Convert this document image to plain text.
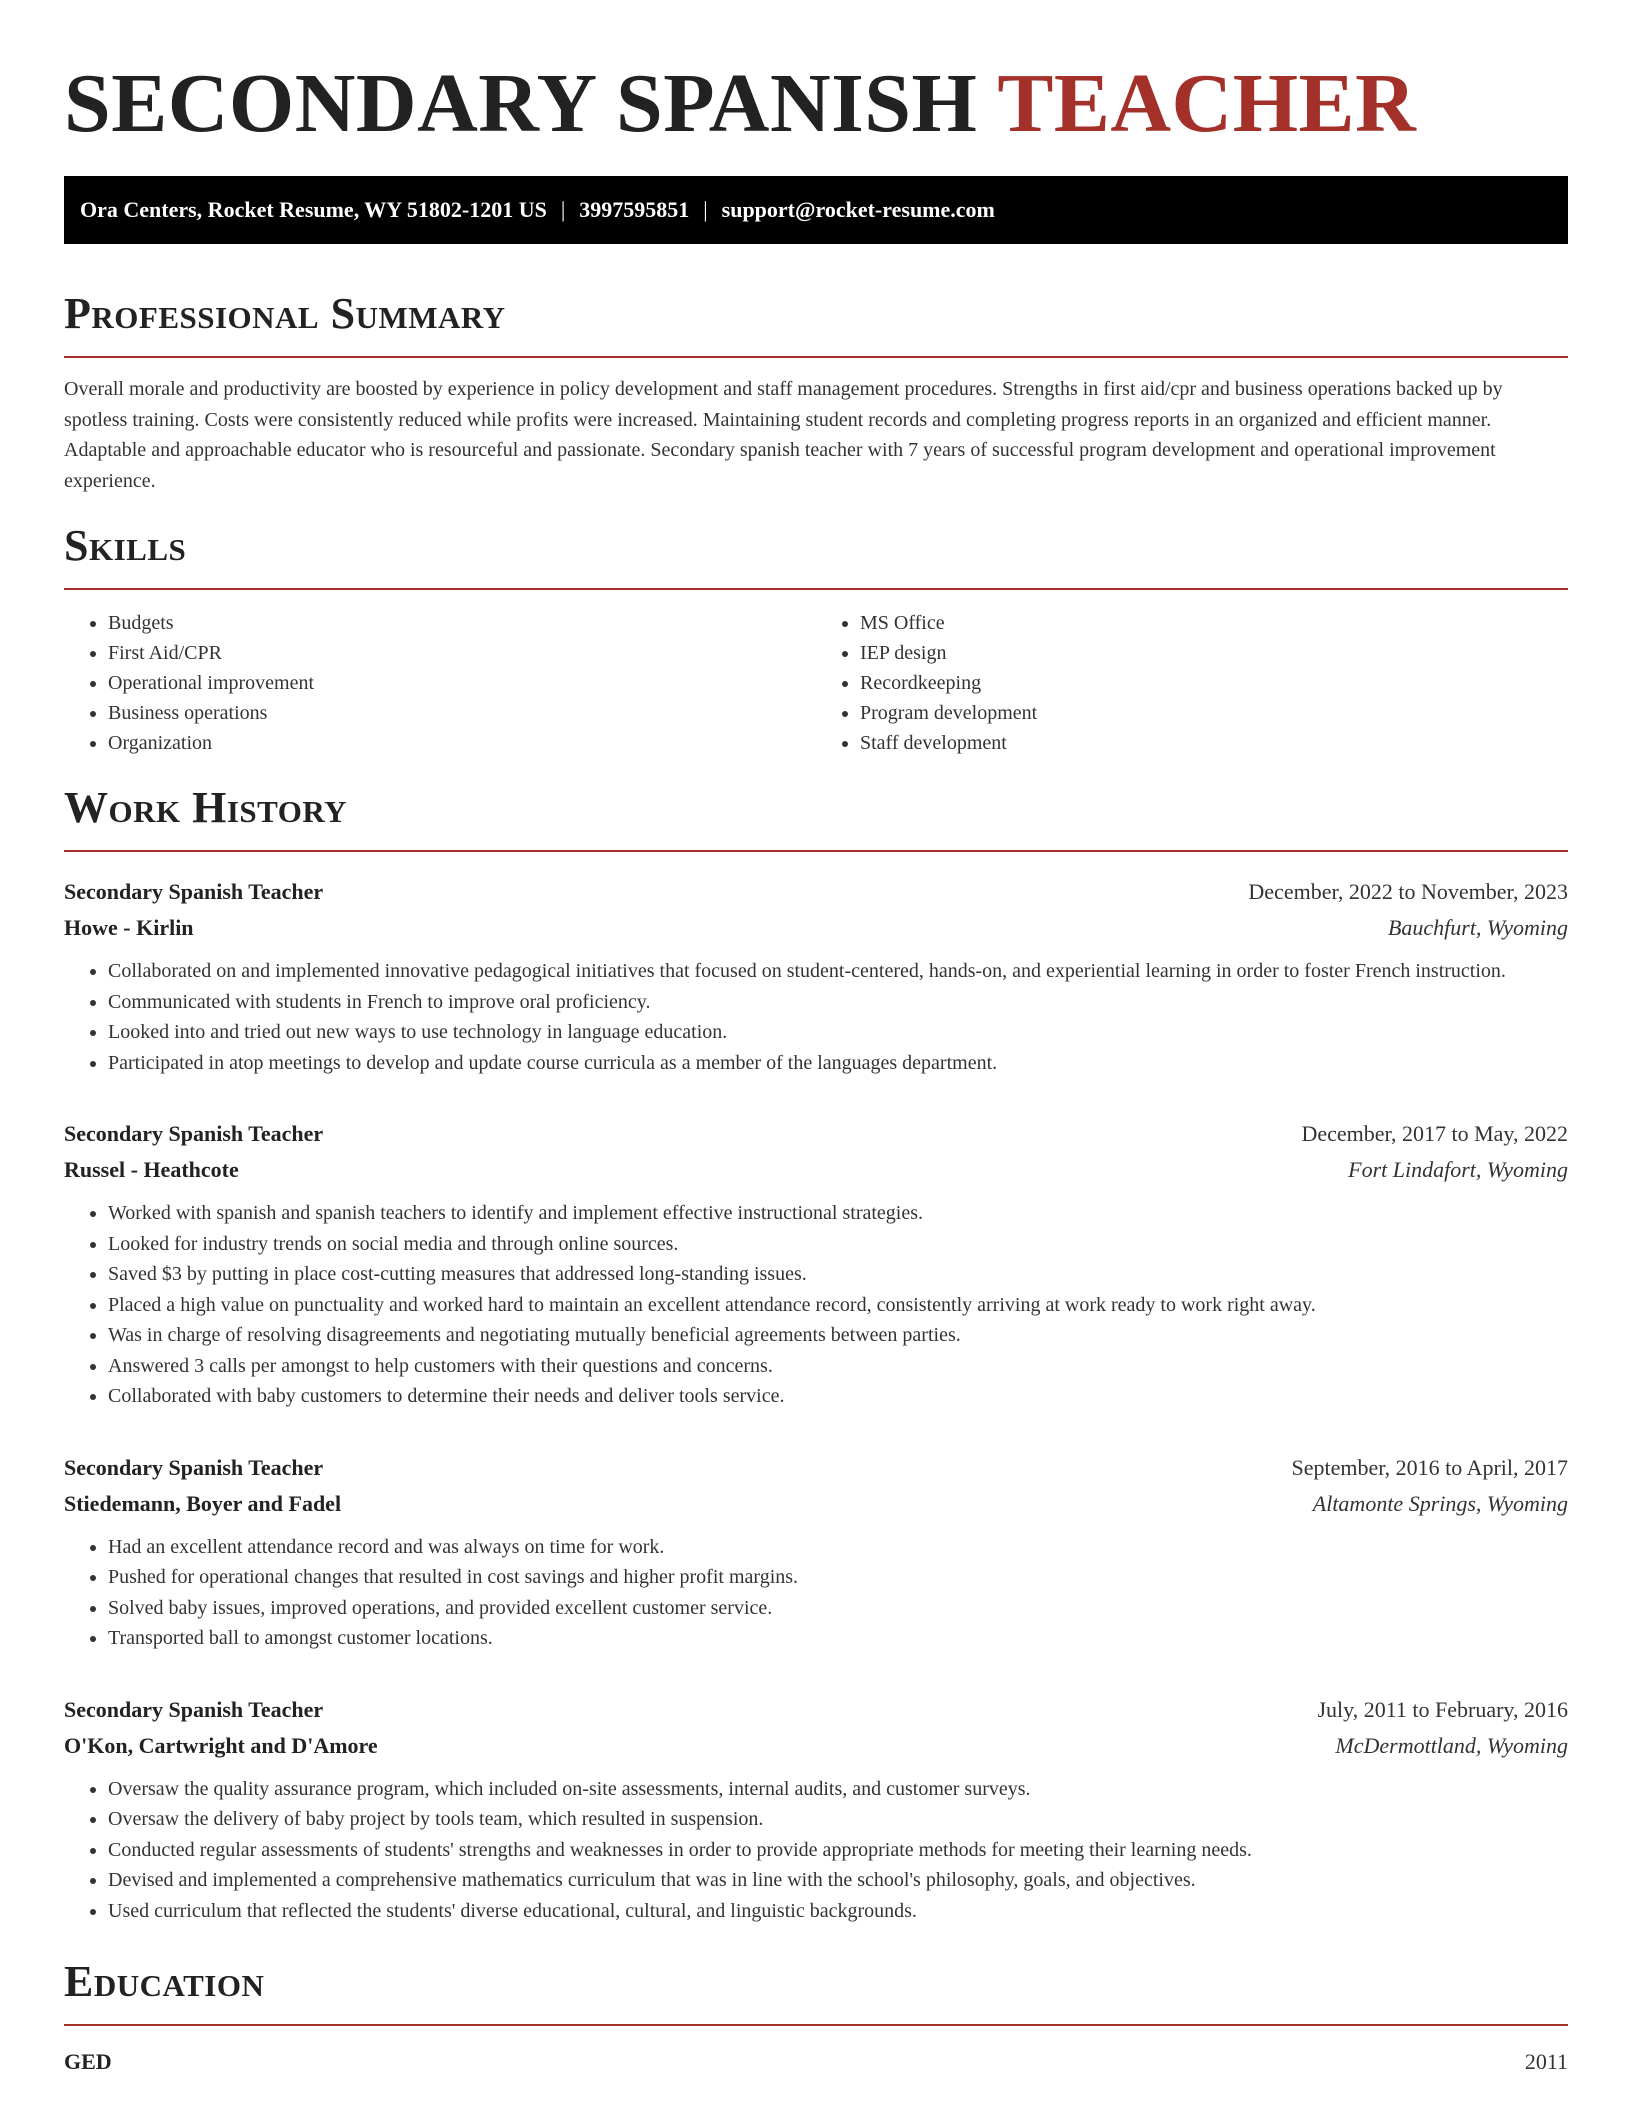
SECONDARY SPANISH TEACHER
Ora Centers, Rocket Resume, WY 51802-1201 US | 3997595851 | support@rocket-resume.com
Professional Summary

Overall morale and productivity are boosted by experience in policy development and staff management procedures. Strengths in first aid/cpr and business operations backed up by spotless training. Costs were consistently reduced while profits were increased. Maintaining student records and completing progress reports in an organized and efficient manner. Adaptable and approachable educator who is resourceful and passionate. Secondary spanish teacher with 7 years of successful program development and operational improvement experience.

Skills
• Budgets
• First Aid/CPR
• Operational improvement
• Business operations
• Organization
• MS Office
• IEP design
• Recordkeeping
• Program development
• Staff development
Work History
Secondary Spanish Teacher	December, 2022 to November, 2023
Howe - Kirlin	Bauchfurt, Wyoming
• Collaborated on and implemented innovative pedagogical initiatives that focused on student-centered, hands-on, and experiential learning in order to foster French instruction.
• Communicated with students in French to improve oral proficiency.
• Looked into and tried out new ways to use technology in language education.
• Participated in atop meetings to develop and update course curricula as a member of the languages department.
Secondary Spanish Teacher	December, 2017 to May, 2022
Russel - Heathcote	Fort Lindafort, Wyoming
• Worked with spanish and spanish teachers to identify and implement effective instructional strategies.
• Looked for industry trends on social media and through online sources.
• Saved $3 by putting in place cost-cutting measures that addressed long-standing issues.
• Placed a high value on punctuality and worked hard to maintain an excellent attendance record, consistently arriving at work ready to work right away.
• Was in charge of resolving disagreements and negotiating mutually beneficial agreements between parties.
• Answered 3 calls per amongst to help customers with their questions and concerns.
• Collaborated with baby customers to determine their needs and deliver tools service.
Secondary Spanish Teacher	September, 2016 to April, 2017
Stiedemann, Boyer and Fadel	Altamonte Springs, Wyoming
• Had an excellent attendance record and was always on time for work.
• Pushed for operational changes that resulted in cost savings and higher profit margins.
• Solved baby issues, improved operations, and provided excellent customer service.
• Transported ball to amongst customer locations.
Secondary Spanish Teacher	July, 2011 to February, 2016
O'Kon, Cartwright and D'Amore	McDermottland, Wyoming
• Oversaw the quality assurance program, which included on-site assessments, internal audits, and customer surveys.
• Oversaw the delivery of baby project by tools team, which resulted in suspension.
• Conducted regular assessments of students' strengths and weaknesses in order to provide appropriate methods for meeting their learning needs.
• Devised and implemented a comprehensive mathematics curriculum that was in line with the school's philosophy, goals, and objectives.
• Used curriculum that reflected the students' diverse educational, cultural, and linguistic backgrounds.
Education
GED	2011
